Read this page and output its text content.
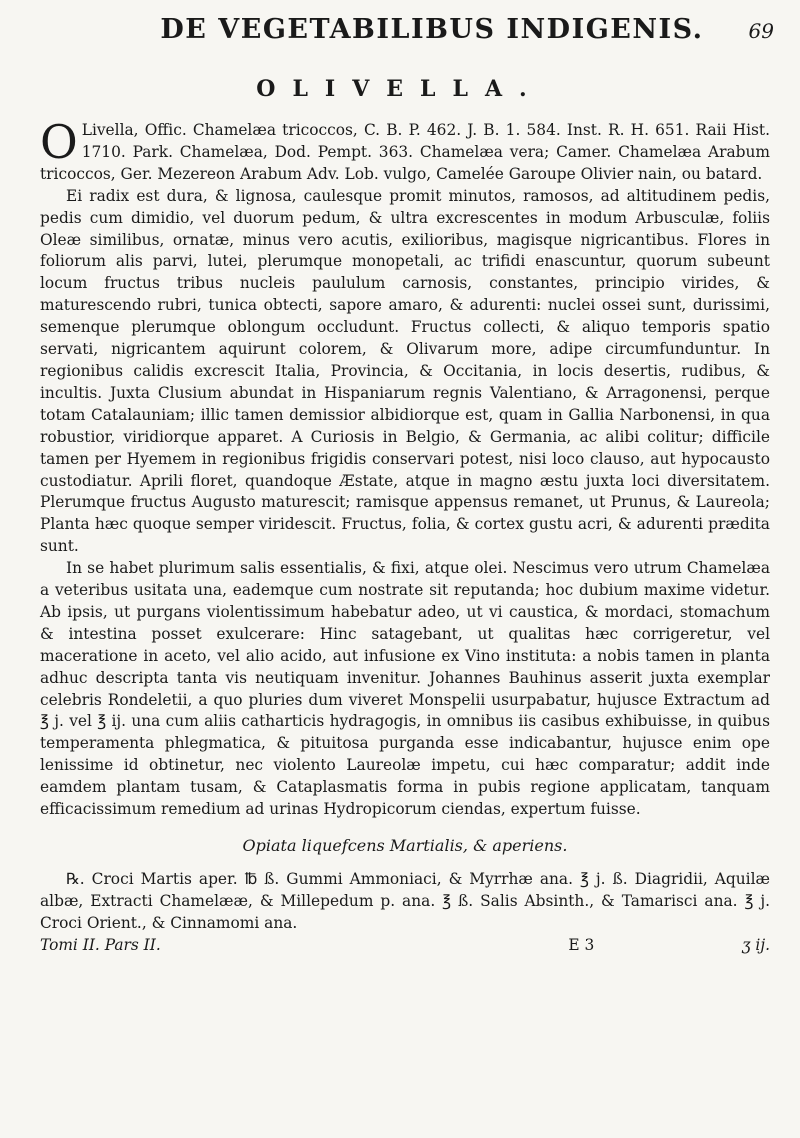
DE VEGETABILIBUS INDIGENIS.	69
OLIVELLA.

O Livella, Offic. Chamelæa tricoccos, C. B. P. 462. J. B. 1. 584. Inst. R. H. 651. Raii Hist. 1710. Park. Chamelæa, Dod. Pempt. 363. Chamelæa vera; Camer. Chamelæa Arabum tricoccos, Ger. Mezereon Arabum Adv. Lob. vulgo, Camelée Garoupe Olivier nain, ou batard.

Ei radix est dura, & lignosa, caulesque promit minutos, ramosos, ad altitudinem pedis, pedis cum dimidio, vel duorum pedum, & ultra excrescentes in modum Arbusculæ, foliis Oleæ similibus, ornatæ, minus vero acutis, exilioribus, magisque nigricantibus. Flores in foliorum alis parvi, lutei, plerumque monopetali, ac trifidi enascuntur, quorum subeunt locum fructus tribus nucleis paululum carnosis, constantes, principio virides, & maturescendo rubri, tunica obtecti, sapore amaro, & adurenti: nuclei ossei sunt, durissimi, semenque plerumque oblongum occludunt. Fructus collecti, & aliquo temporis spatio servati, nigricantem aquirunt colorem, & Olivarum more, adipe circumfunduntur. In regionibus calidis excrescit Italia, Provincia, & Occitania, in locis desertis, rudibus, & incultis. Juxta Clusium abundat in Hispaniarum regnis Valentiano, & Arragonensi, perque totam Catalauniam; illic tamen demissior albidiorque est, quam in Gallia Narbonensi, in qua robustior, viridiorque apparet. A Curiosis in Belgio, & Germania, ac alibi colitur; difficile tamen per Hyemem in regionibus frigidis conservari potest, nisi loco clauso, aut hypocausto custodiatur. Aprili floret, quandoque Æstate, atque in magno æstu juxta loci diversitatem. Plerumque fructus Augusto maturescit; ramisque appensus remanet, ut Prunus, & Laureola; Planta hæc quoque semper viridescit. Fructus, folia, & cortex gustu acri, & adurenti prædita sunt.

In se habet plurimum salis essentialis, & fixi, atque olei. Nescimus vero utrum Chamelæa a veteribus usitata una, eademque cum nostrate sit reputanda; hoc dubium maxime videtur. Ab ipsis, ut purgans violentissimum habebatur adeo, ut vi caustica, & mordaci, stomachum & intestina posset exulcerare: Hinc satagebant, ut qualitas hæc corrigeretur, vel maceratione in aceto, vel alio acido, aut infusione ex Vino instituta: a nobis tamen in planta adhuc descripta tanta vis neutiquam invenitur. Johannes Bauhinus asserit juxta exemplar celebris Rondeletii, a quo pluries dum viveret Monspelii usurpabatur, hujusce Extractum ad ℥ j. vel ℥ ij. una cum aliis catharticis hydragogis, in omnibus iis casibus exhibuisse, in quibus temperamenta phlegmatica, & pituitosa purganda esse indicabantur, hujusce enim ope lenissime id obtinetur, nec violento Laureolæ impetu, cui hæc comparatur; addit inde eamdem plantam tusam, & Cataplasmatis forma in pubis regione applicatam, tanquam efficacissimum remedium ad urinas Hydropicorum ciendas, expertum fuisse.

Opiata liquefcens Martialis, & aperiens.

℞. Croci Martis aper. ℔ ß. Gummi Ammoniaci, & Myrrhæ ana. ℥ j. ß. Diagridii, Aquilæ albæ, Extracti Chamelææ, & Millepedum p. ana. ℥ ß. Salis Absinth., & Tamarisci ana. ℥ j. Croci Orient., & Cinnamomi ana.

Tomi II. Pars II.	E 3	ʒ ij.
